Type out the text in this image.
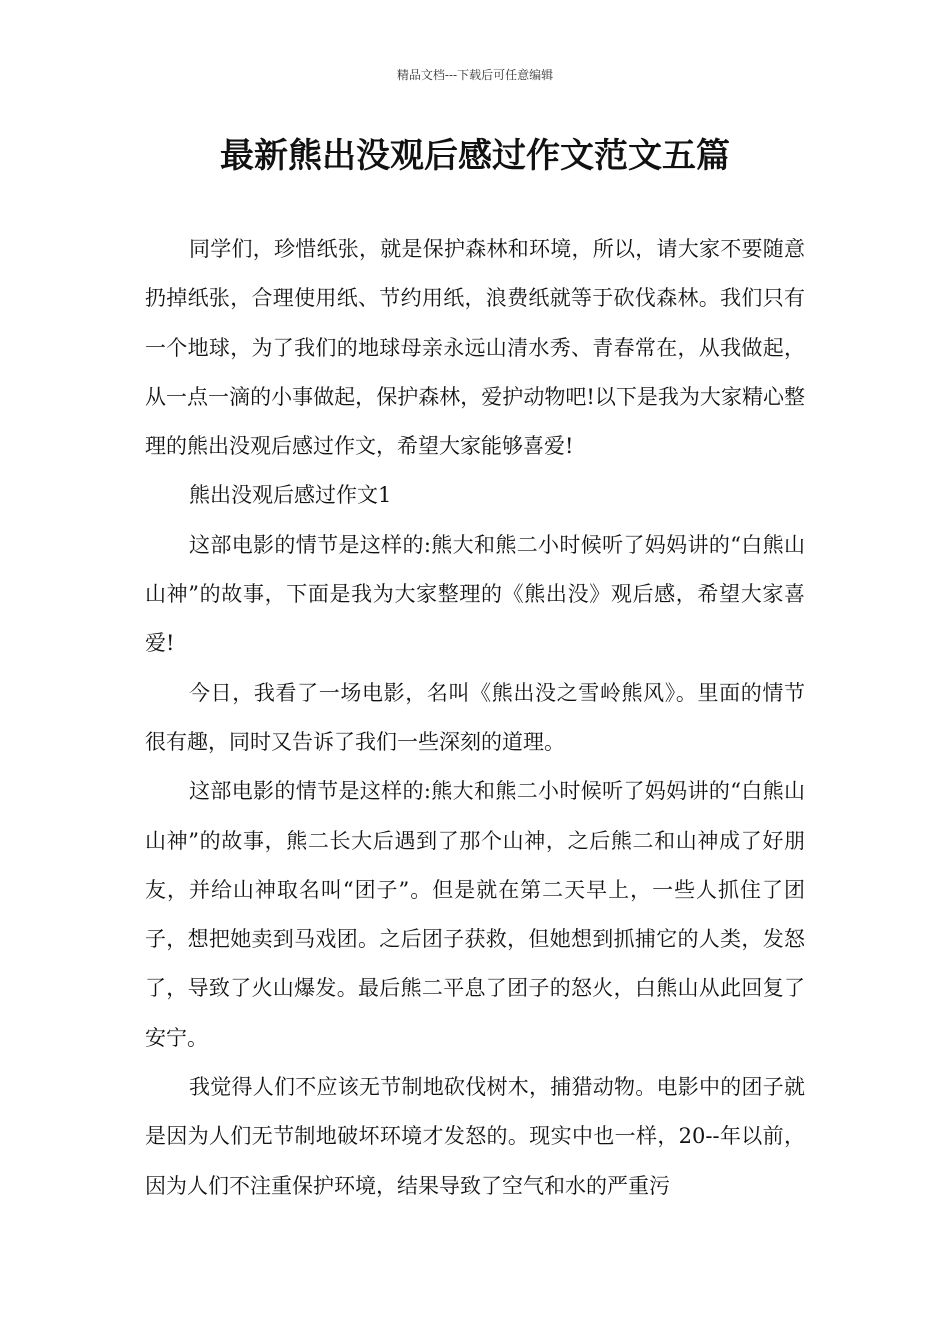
精品文档---下载后可任意编辑
最新熊出没观后感过作文范文五篇

同学们，珍惜纸张，就是保护森林和环境，所以，请大家不要随意扔掉纸张，合理使用纸、节约用纸，浪费纸就等于砍伐森林。我们只有一个地球，为了我们的地球母亲永远山清水秀、青春常在，从我做起，从一点一滴的小事做起，保护森林，爱护动物吧!以下是我为大家精心整理的熊出没观后感过作文，希望大家能够喜爱!

熊出没观后感过作文1

这部电影的情节是这样的:熊大和熊二小时候听了妈妈讲的“白熊山山神”的故事，下面是我为大家整理的《熊出没》观后感，希望大家喜爱!

今日，我看了一场电影，名叫《熊出没之雪岭熊风》。里面的情节很有趣，同时又告诉了我们一些深刻的道理。

这部电影的情节是这样的:熊大和熊二小时候听了妈妈讲的“白熊山山神”的故事，熊二长大后遇到了那个山神，之后熊二和山神成了好朋友，并给山神取名叫“团子”。但是就在第二天早上，一些人抓住了团子，想把她卖到马戏团。之后团子获救，但她想到抓捕它的人类，发怒了，导致了火山爆发。最后熊二平息了团子的怒火，白熊山从此回复了安宁。

我觉得人们不应该无节制地砍伐树木，捕猎动物。电影中的团子就是因为人们无节制地破坏环境才发怒的。现实中也一样，20--年以前，因为人们不注重保护环境，结果导致了空气和水的严重污
